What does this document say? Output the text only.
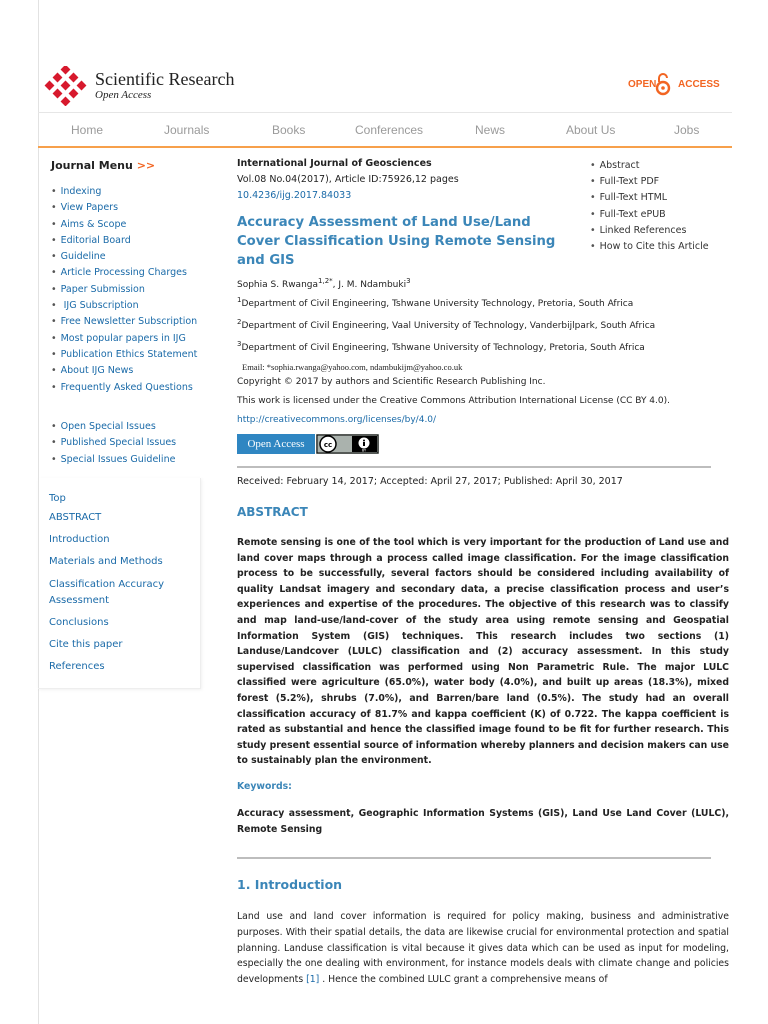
Scientific Research
Open Access
OPEN ACCESS
Home	Journals	Books	Conferences	News	About Us	Jobs
Journal Menu >>
• Indexing
• View Papers
• Aims & Scope
• Editorial Board
• Guideline
• Article Processing Charges
• Paper Submission
• IJG Subscription
• Free Newsletter Subscription
• Most popular papers in IJG
• Publication Ethics Statement
• About IJG News
• Frequently Asked Questions
• Open Special Issues
• Published Special Issues
• Special Issues Guideline
Top
ABSTRACT
Introduction
Materials and Methods
Classification Accuracy Assessment
Conclusions
Cite this paper
References
• Abstract
• Full-Text PDF
• Full-Text HTML
• Full-Text ePUB
• Linked References
• How to Cite this Article
International Journal of Geosciences
Vol.08 No.04(2017), Article ID:75926,12 pages
10.4236/ijg.2017.84033
Accuracy Assessment of Land Use/Land Cover Classification Using Remote Sensing and GIS
Sophia S. Rwanga$^{1,2*}$, J. M. Ndambuki$^3$
$^1$Department of Civil Engineering, Tshwane University Technology, Pretoria, South Africa
$^2$Department of Civil Engineering, Vaal University of Technology, Vanderbijlpark, South Africa
$^3$Department of Civil Engineering, Tshwane University of Technology, Pretoria, South Africa
Email: *sophia.rwanga@yahoo.com, ndambukijm@yahoo.co.uk
Copyright © 2017 by authors and Scientific Research Publishing Inc.
This work is licensed under the Creative Commons Attribution International License (CC BY 4.0).
http://creativecommons.org/licenses/by/4.0/
Open Access	cc
BY
Received: February 14, 2017; Accepted: April 27, 2017; Published: April 30, 2017
ABSTRACT

Remote sensing is one of the tool which is very important for the production of Land use and land cover maps through a process called image classification. For the image classification process to be successfully, several factors should be considered including availability of quality Landsat imagery and secondary data, a precise classification process and user’s experiences and expertise of the procedures. The objective of this research was to classify and map land-use/land-cover of the study area using remote sensing and Geospatial Information System (GIS) techniques. This research includes two sections (1) Landuse/Landcover (LULC) classification and (2) accuracy assessment. In this study supervised classification was performed using Non Parametric Rule. The major LULC classified were agriculture (65.0%), water body (4.0%), and built up areas (18.3%), mixed forest (5.2%), shrubs (7.0%), and Barren/bare land (0.5%). The study had an overall classification accuracy of 81.7% and kappa coefficient (K) of 0.722. The kappa coefficient is rated as substantial and hence the classified image found to be fit for further research. This study present essential source of information whereby planners and decision makers can use to sustainably plan the environment.

Keywords:

Accuracy assessment, Geographic Information Systems (GIS), Land Use Land Cover (LULC), Remote Sensing

1. Introduction

Land use and land cover information is required for policy making, business and administrative purposes. With their spatial details, the data are likewise crucial for environmental protection and spatial planning. Landuse classification is vital because it gives data which can be used as input for modeling, especially the one dealing with environment, for instance models deals with climate change and policies developments [1] . Hence the combined LULC grant a comprehensive means of
